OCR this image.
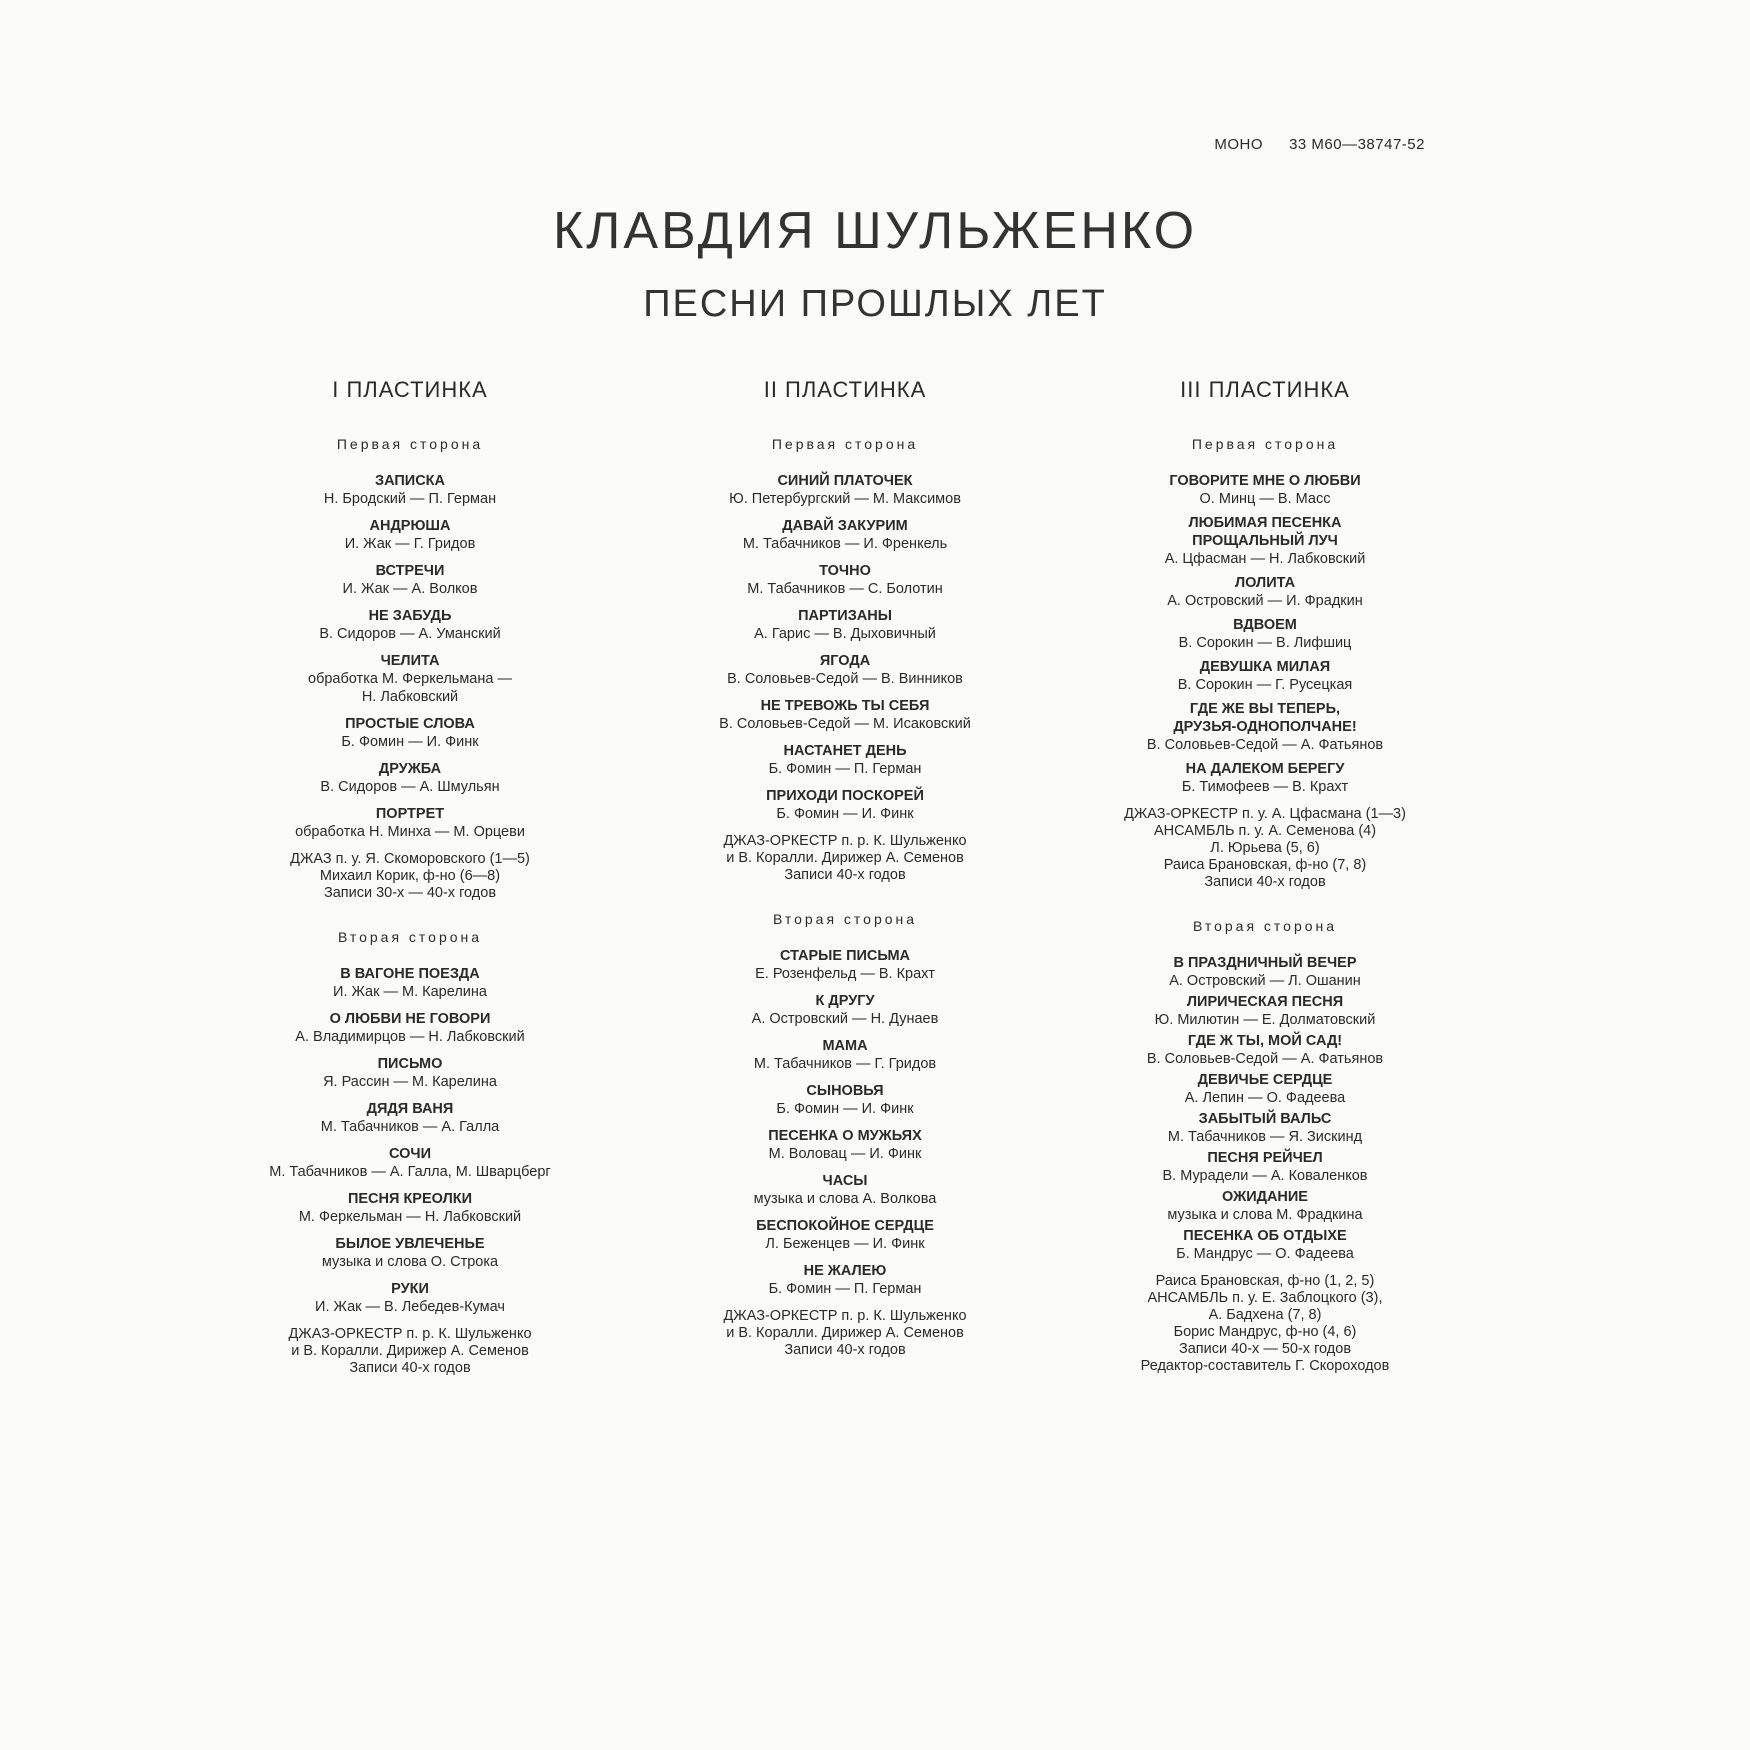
МОНО 33 М60—38747-52
КЛАВДИЯ ШУЛЬЖЕНКО
ПЕСНИ ПРОШЛЫХ ЛЕТ
I ПЛАСТИНКА
Первая сторона
ЗАПИСКА
Н. Бродский — П. Герман
АНДРЮША
И. Жак — Г. Гридов
ВСТРЕЧИ
И. Жак — А. Волков
НЕ ЗАБУДЬ
В. Сидоров — А. Уманский
ЧЕЛИТА
обработка М. Феркельмана —
Н. Лабковский
ПРОСТЫЕ СЛОВА
Б. Фомин — И. Финк
ДРУЖБА
В. Сидоров — А. Шмульян
ПОРТРЕТ
обработка Н. Минха — М. Орцеви
ДЖАЗ п. у. Я. Скоморовского (1—5)
Михаил Корик, ф-но (6—8)
Записи 30-х — 40-х годов
Вторая сторона
В ВАГОНЕ ПОЕЗДА
И. Жак — М. Карелина
О ЛЮБВИ НЕ ГОВОРИ
А. Владимирцов — Н. Лабковский
ПИСЬМО
Я. Рассин — М. Карелина
ДЯДЯ ВАНЯ
М. Табачников — А. Галла
СОЧИ
М. Табачников — А. Галла, М. Шварцберг
ПЕСНЯ КРЕОЛКИ
М. Феркельман — Н. Лабковский
БЫЛОЕ УВЛЕЧЕНЬЕ
музыка и слова О. Строка
РУКИ
И. Жак — В. Лебедев-Кумач
ДЖАЗ-ОРКЕСТР п. р. К. Шульженко
и В. Коралли. Дирижер А. Семенов
Записи 40-х годов
II ПЛАСТИНКА
Первая сторона
СИНИЙ ПЛАТОЧЕК
Ю. Петербургский — М. Максимов
ДАВАЙ ЗАКУРИМ
М. Табачников — И. Френкель
ТОЧНО
М. Табачников — С. Болотин
ПАРТИЗАНЫ
А. Гарис — В. Дыховичный
ЯГОДА
В. Соловьев-Седой — В. Винников
НЕ ТРЕВОЖЬ ТЫ СЕБЯ
В. Соловьев-Седой — М. Исаковский
НАСТАНЕТ ДЕНЬ
Б. Фомин — П. Герман
ПРИХОДИ ПОСКОРЕЙ
Б. Фомин — И. Финк
ДЖАЗ-ОРКЕСТР п. р. К. Шульженко
и В. Коралли. Дирижер А. Семенов
Записи 40-х годов
Вторая сторона
СТАРЫЕ ПИСЬМА
Е. Розенфельд — В. Крахт
К ДРУГУ
А. Островский — Н. Дунаев
МАМА
М. Табачников — Г. Гридов
СЫНОВЬЯ
Б. Фомин — И. Финк
ПЕСЕНКА О МУЖЬЯХ
М. Воловац — И. Финк
ЧАСЫ
музыка и слова А. Волкова
БЕСПОКОЙНОЕ СЕРДЦЕ
Л. Беженцев — И. Финк
НЕ ЖАЛЕЮ
Б. Фомин — П. Герман
ДЖАЗ-ОРКЕСТР п. р. К. Шульженко
и В. Коралли. Дирижер А. Семенов
Записи 40-х годов
III ПЛАСТИНКА
Первая сторона
ГОВОРИТЕ МНЕ О ЛЮБВИ
О. Минц — В. Масс
ЛЮБИМАЯ ПЕСЕНКА
ПРОЩАЛЬНЫЙ ЛУЧ
А. Цфасман — Н. Лабковский
ЛОЛИТА
А. Островский — И. Фрадкин
ВДВОЕМ
В. Сорокин — В. Лифшиц
ДЕВУШКА МИЛАЯ
В. Сорокин — Г. Русецкая
ГДЕ ЖЕ ВЫ ТЕПЕРЬ,
ДРУЗЬЯ-ОДНОПОЛЧАНЕ!
В. Соловьев-Седой — А. Фатьянов
НА ДАЛЕКОМ БЕРЕГУ
Б. Тимофеев — В. Крахт
ДЖАЗ-ОРКЕСТР п. у. А. Цфасмана (1—3)
АНСАМБЛЬ п. у. А. Семенова (4)
Л. Юрьева (5, 6)
Раиса Брановская, ф-но (7, 8)
Записи 40-х годов
Вторая сторона
В ПРАЗДНИЧНЫЙ ВЕЧЕР
А. Островский — Л. Ошанин
ЛИРИЧЕСКАЯ ПЕСНЯ
Ю. Милютин — Е. Долматовский
ГДЕ Ж ТЫ, МОЙ САД!
В. Соловьев-Седой — А. Фатьянов
ДЕВИЧЬЕ СЕРДЦЕ
А. Лепин — О. Фадеева
ЗАБЫТЫЙ ВАЛЬС
М. Табачников — Я. Зискинд
ПЕСНЯ РЕЙЧЕЛ
В. Мурадели — А. Коваленков
ОЖИДАНИЕ
музыка и слова М. Фрадкина
ПЕСЕНКА ОБ ОТДЫХЕ
Б. Мандрус — О. Фадеева
Раиса Брановская, ф-но (1, 2, 5)
АНСАМБЛЬ п. у. Е. Заблоцкого (3),
А. Бадхена (7, 8)
Борис Мандрус, ф-но (4, 6)
Записи 40-х — 50-х годов
Редактор-составитель Г. Скороходов
